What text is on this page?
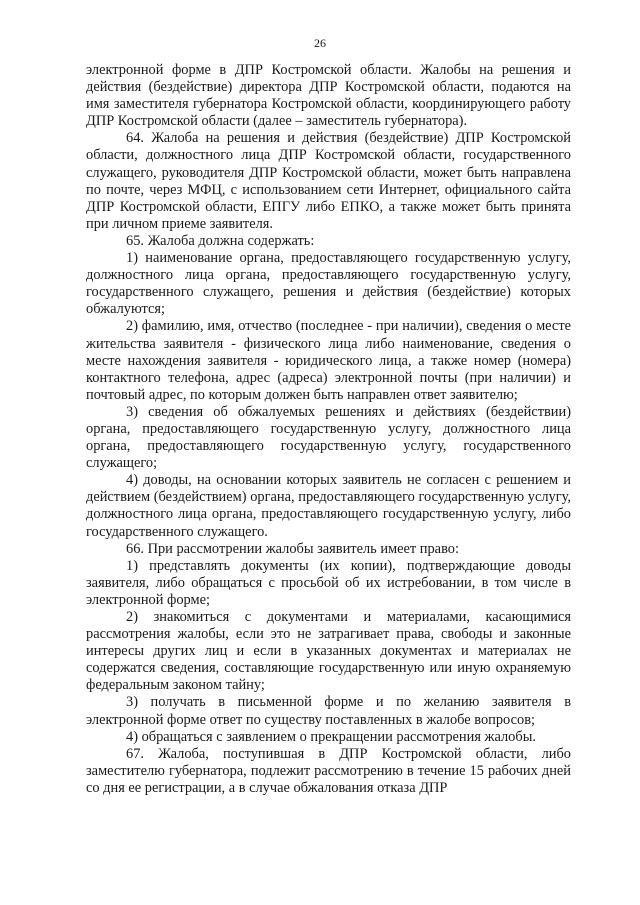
26

электронной форме в ДПР Костромской области. Жалобы на решения и действия (бездействие) директора ДПР Костромской области, подаются на имя заместителя губернатора Костромской области, координирующего работу ДПР Костромской области (далее – заместитель губернатора).

64. Жалоба на решения и действия (бездействие) ДПР Костромской области, должностного лица ДПР Костромской области, государственного служащего, руководителя ДПР Костромской области, может быть направлена по почте, через МФЦ, с использованием сети Интернет, официального сайта ДПР Костромской области, ЕПГУ либо ЕПКО, а также может быть принята при личном приеме заявителя.

65. Жалоба должна содержать:

1) наименование органа, предоставляющего государственную услугу, должностного лица органа, предоставляющего государственную услугу, государственного служащего, решения и действия (бездействие) которых обжалуются;

2) фамилию, имя, отчество (последнее - при наличии), сведения о месте жительства заявителя - физического лица либо наименование, сведения о месте нахождения заявителя - юридического лица, а также номер (номера) контактного телефона, адрес (адреса) электронной почты (при наличии) и почтовый адрес, по которым должен быть направлен ответ заявителю;

3) сведения об обжалуемых решениях и действиях (бездействии) органа, предоставляющего государственную услугу, должностного лица органа, предоставляющего государственную услугу, государственного служащего;

4) доводы, на основании которых заявитель не согласен с решением и действием (бездействием) органа, предоставляющего государственную услугу, должностного лица органа, предоставляющего государственную услугу, либо государственного служащего.

66. При рассмотрении жалобы заявитель имеет право:

1) представлять документы (их копии), подтверждающие доводы заявителя, либо обращаться с просьбой об их истребовании, в том числе в электронной форме;

2) знакомиться с документами и материалами, касающимися рассмотрения жалобы, если это не затрагивает права, свободы и законные интересы других лиц и если в указанных документах и материалах не содержатся сведения, составляющие государственную или иную охраняемую федеральным законом тайну;

3) получать в письменной форме и по желанию заявителя в электронной форме ответ по существу поставленных в жалобе вопросов;

4) обращаться с заявлением о прекращении рассмотрения жалобы.

67. Жалоба, поступившая в ДПР Костромской области, либо заместителю губернатора, подлежит рассмотрению в течение 15 рабочих дней со дня ее регистрации, а в случае обжалования отказа ДПР
